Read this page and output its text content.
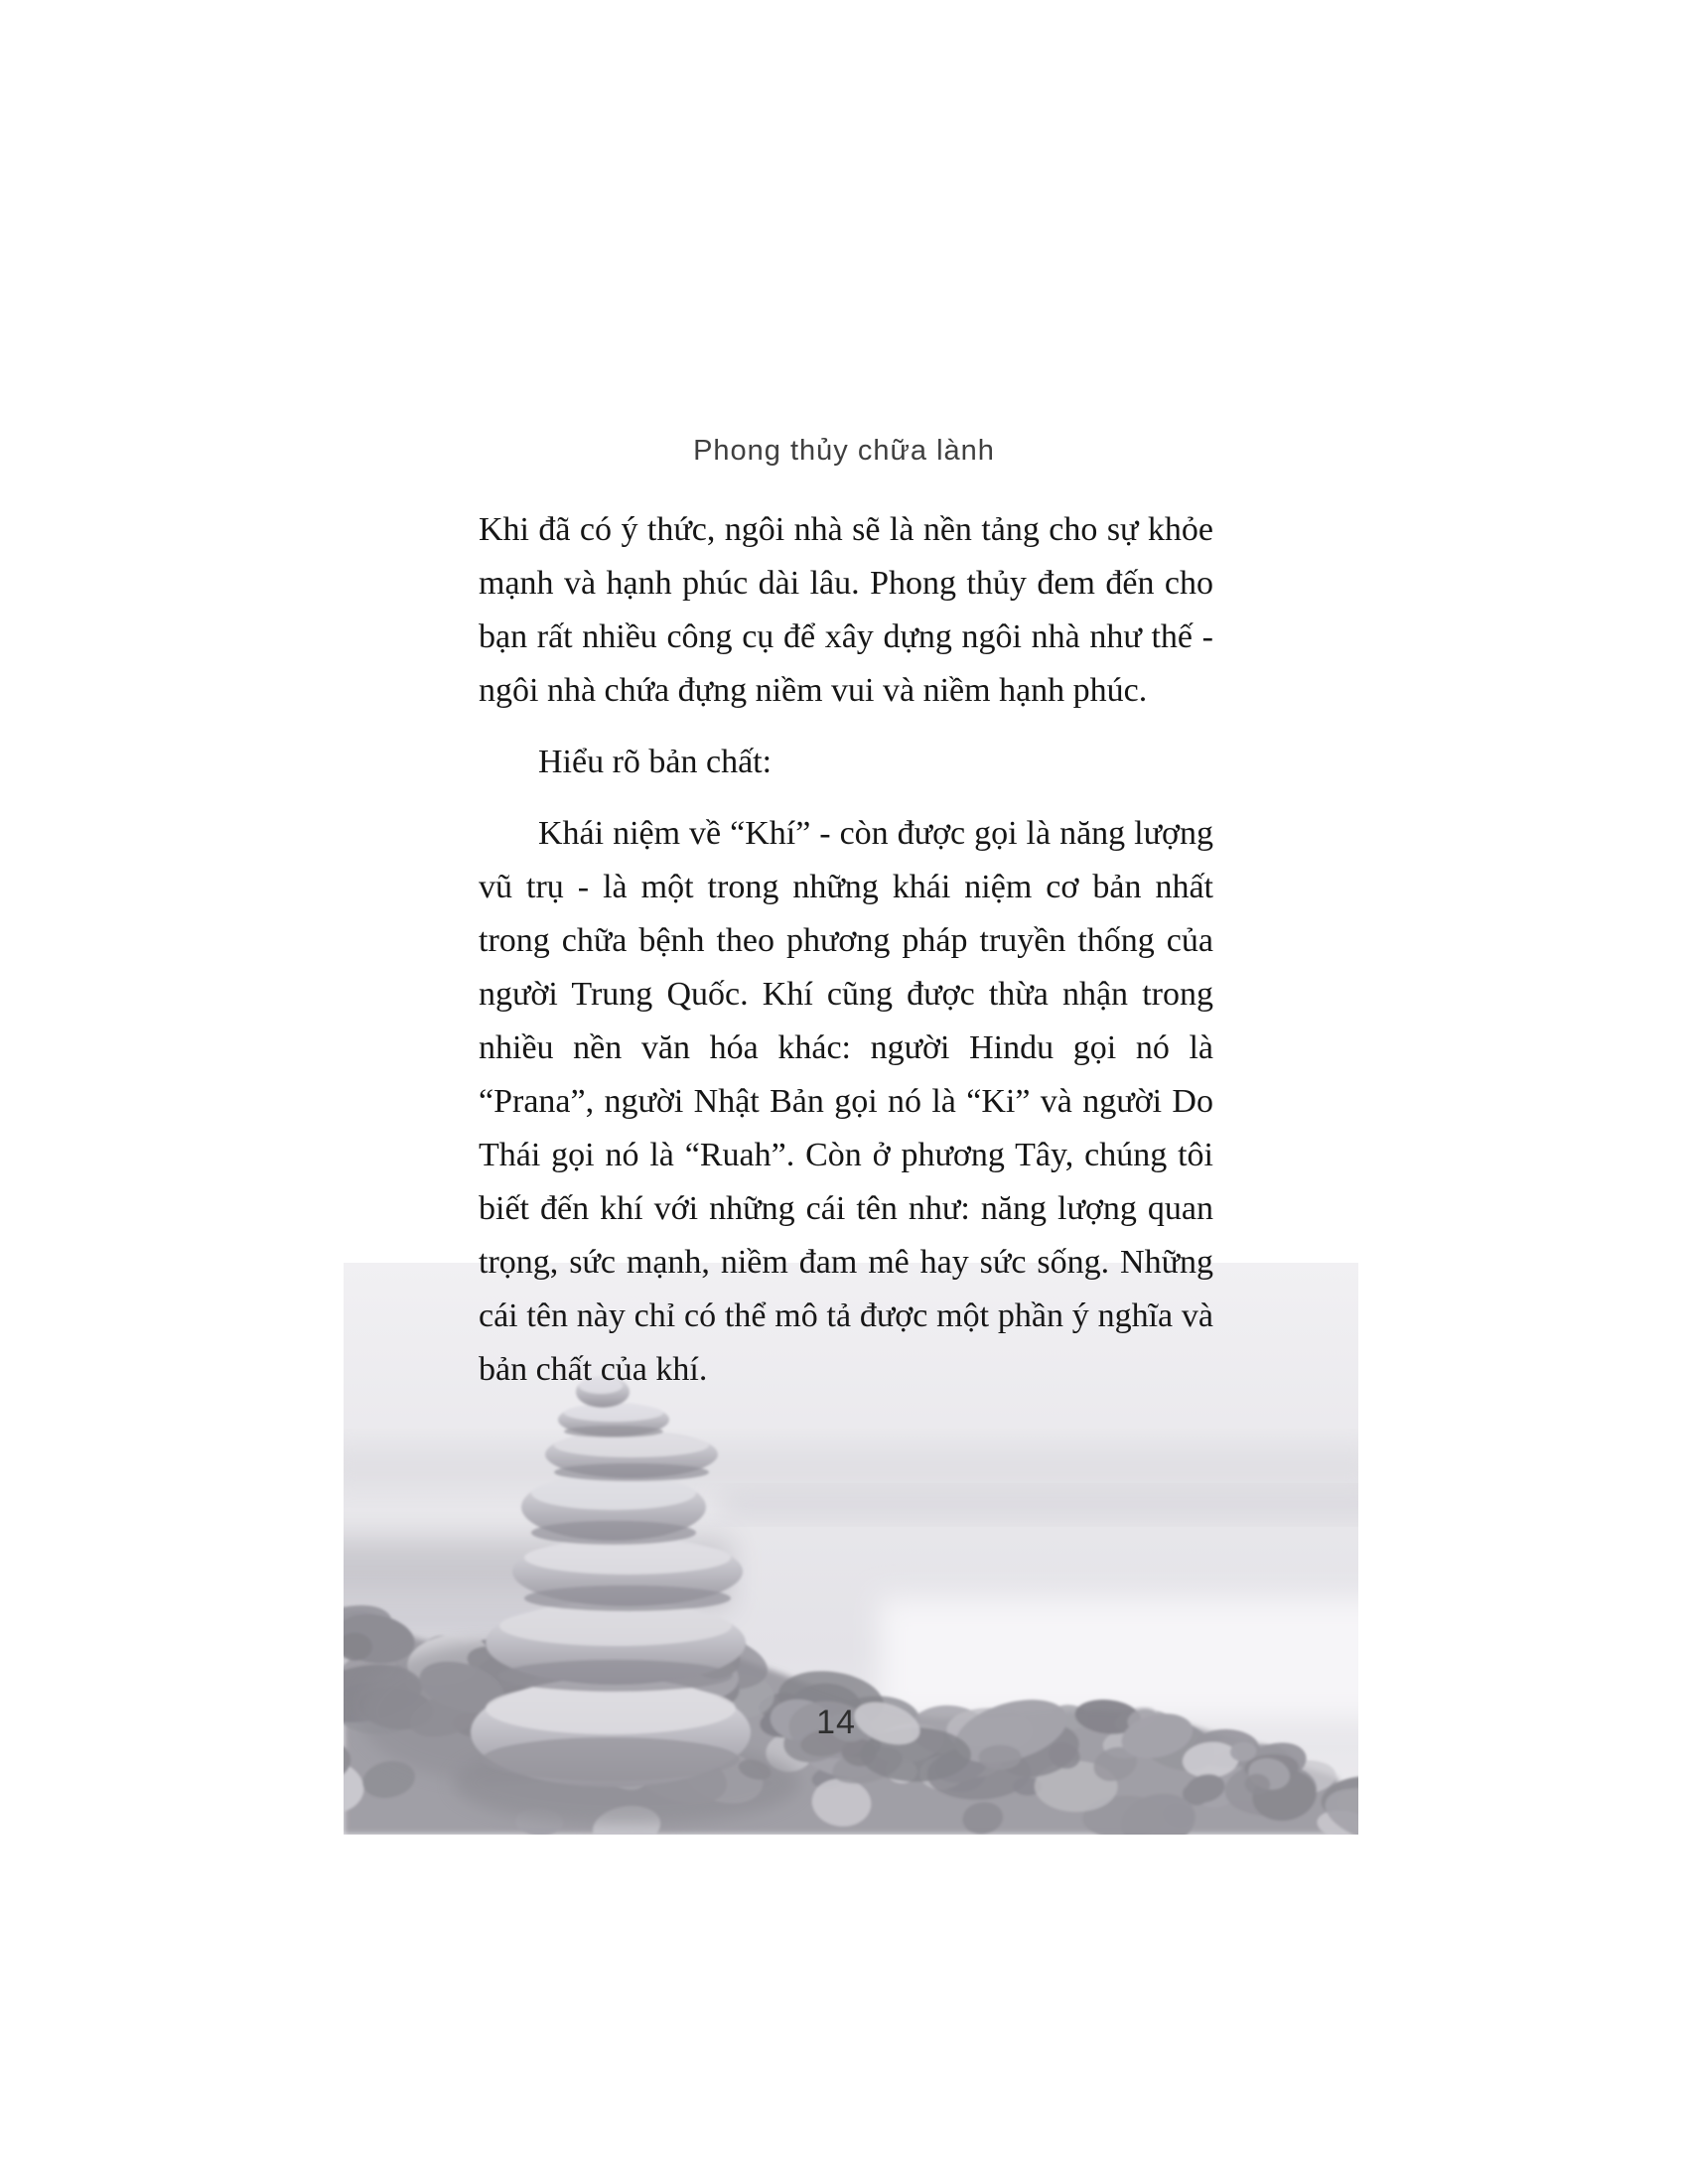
Phong thủy chữa lành

Khi đã có ý thức, ngôi nhà sẽ là nền tảng cho sự khỏe mạnh và hạnh phúc dài lâu. Phong thủy đem đến cho bạn rất nhiều công cụ để xây dựng ngôi nhà như thế - ngôi nhà chứa đựng niềm vui và niềm hạnh phúc.

Hiểu rõ bản chất:

Khái niệm về “Khí” - còn được gọi là năng lượng vũ trụ - là một trong những khái niệm cơ bản nhất trong chữa bệnh theo phương pháp truyền thống của người Trung Quốc. Khí cũng được thừa nhận trong nhiều nền văn hóa khác: người Hindu gọi nó là “Prana”, người Nhật Bản gọi nó là “Ki” và người Do Thái gọi nó là “Ruah”. Còn ở phương Tây, chúng tôi biết đến khí với những cái tên như: năng lượng quan trọng, sức mạnh, niềm đam mê hay sức sống. Những cái tên này chỉ có thể mô tả được một phần ý nghĩa và bản chất của khí.

14
